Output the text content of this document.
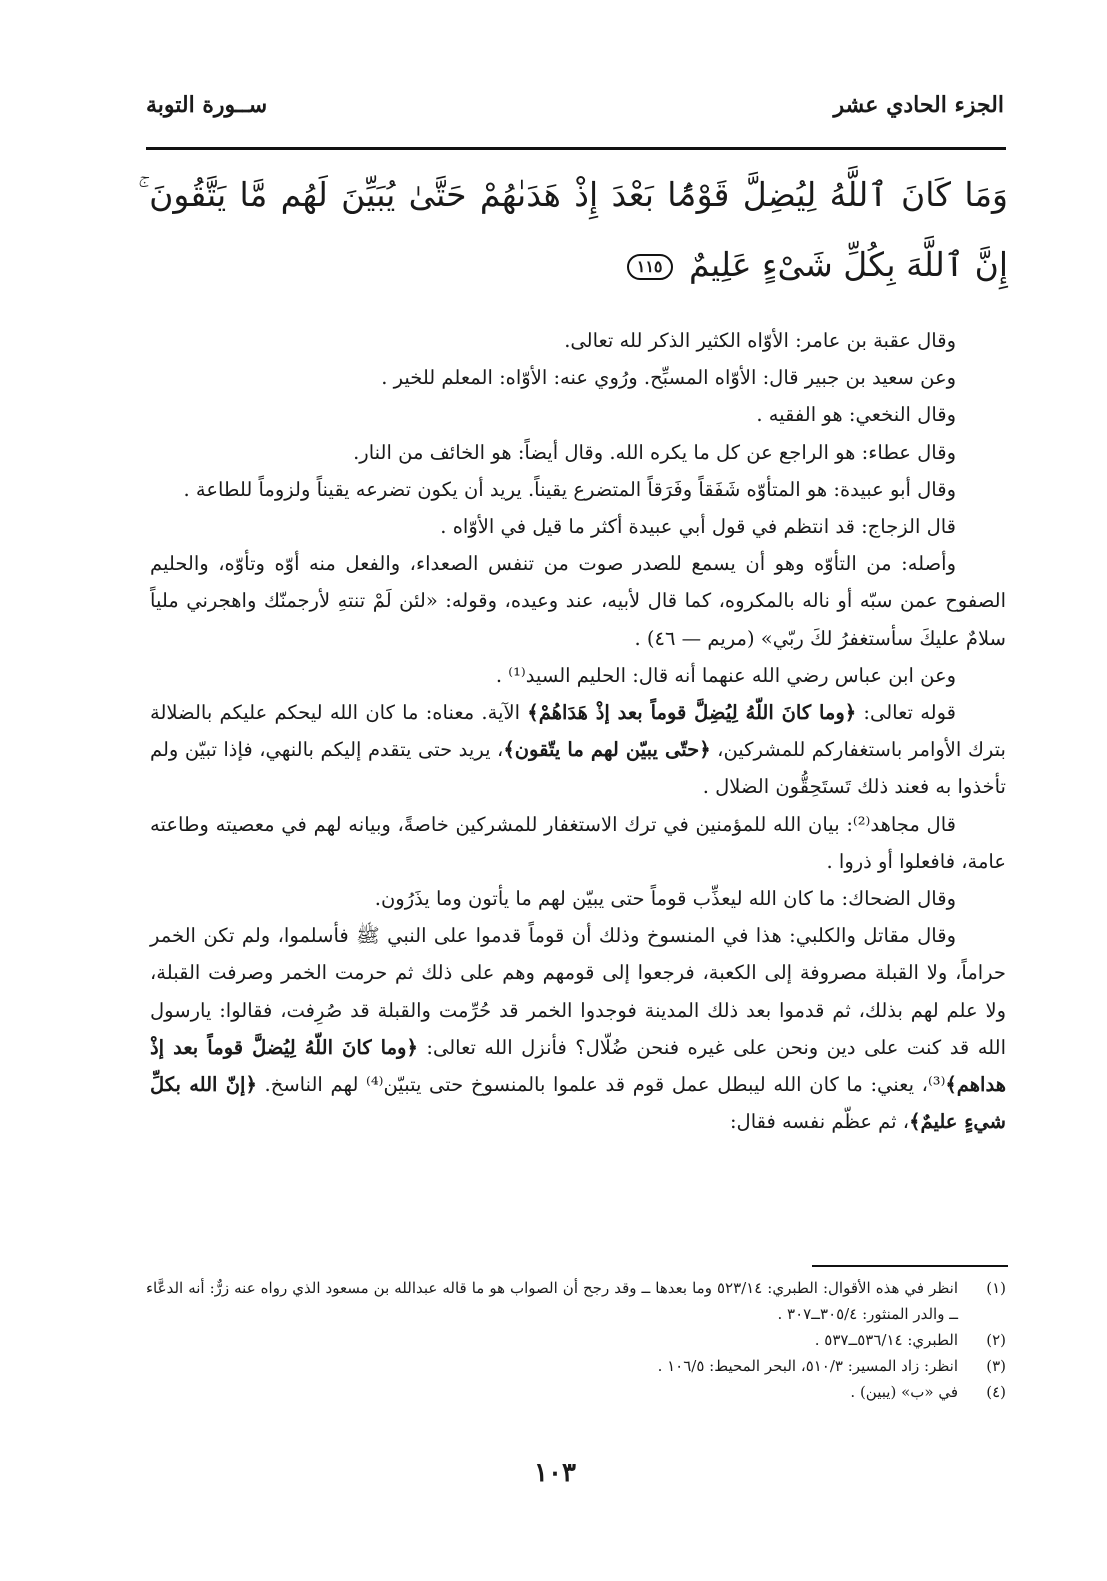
الجزء الحادي عشر
ســورة التوبة
وَمَا كَانَ ٱللَّهُ لِيُضِلَّ قَوْمًۢا بَعْدَ إِذْ هَدَىٰهُمْ حَتَّىٰ يُبَيِّنَ لَهُم مَّا يَتَّقُونَ ۚ إِنَّ ٱللَّهَ بِكُلِّ شَىْءٍ عَلِيمٌ ١١٥

وقال عقبة بن عامر: الأوّاه الكثير الذكر لله تعالى.

وعن سعيد بن جبير قال: الأوّاه المسبِّح. ورُوي عنه: الأوّاه: المعلم للخير .

وقال النخعي: هو الفقيه .

وقال عطاء: هو الراجع عن كل ما يكره الله. وقال أيضاً: هو الخائف من النار.

وقال أبو عبيدة: هو المتأوّه شَفَقاً وفَرَقاً المتضرع يقيناً. يريد أن يكون تضرعه يقيناً ولزوماً للطاعة .

قال الزجاج: قد انتظم في قول أبي عبيدة أكثر ما قيل في الأوّاه .

وأصله: من التأوّه وهو أن يسمع للصدر صوت من تنفس الصعداء، والفعل منه أوّه وتأوّه، والحليم الصفوح عمن سبّه أو ناله بالمكروه، كما قال لأبيه، عند وعيده، وقوله: «لئن لَمْ تنتهِ لأرجمنّك واهجرني ملياً سلامٌ عليكَ سأستغفرُ لكَ ربّي» (مريم — ٤٦) .

وعن ابن عباس رضي الله عنهما أنه قال: الحليم السيد⁽¹⁾ .

قوله تعالى: ﴿وما كانَ اللّهُ لِيُضِلَّ قوماً بعد إذْ هَدَاهُمْ﴾ الآية. معناه: ما كان الله ليحكم عليكم بالضلالة بترك الأوامر باستغفاركم للمشركين، ﴿حتّى يبيّن لهم ما يتّقون﴾، يريد حتى يتقدم إليكم بالنهي، فإذا تبيّن ولم تأخذوا به فعند ذلك تَستَحِقُّون الضلال .

قال مجاهد⁽²⁾: بيان الله للمؤمنين في ترك الاستغفار للمشركين خاصةً، وبيانه لهم في معصيته وطاعته عامة، فافعلوا أو ذروا .

وقال الضحاك: ما كان الله ليعذِّب قوماً حتى يبيّن لهم ما يأتون وما يذَرُون.

وقال مقاتل والكلبي: هذا في المنسوخ وذلك أن قوماً قدموا على النبي ﷺ فأسلموا، ولم تكن الخمر حراماً، ولا القبلة مصروفة إلى الكعبة، فرجعوا إلى قومهم وهم على ذلك ثم حرمت الخمر وصرفت القبلة، ولا علم لهم بذلك، ثم قدموا بعد ذلك المدينة فوجدوا الخمر قد حُرِّمت والقبلة قد صُرِفت، فقالوا: يارسول الله قد كنت على دين ونحن على غيره فنحن ضُلّال؟ فأنزل الله تعالى: ﴿وما كانَ اللّهُ لِيُضلَّ قوماً بعد إذْ هداهم﴾⁽³⁾، يعني: ما كان الله ليبطل عمل قوم قد علموا بالمنسوخ حتى يتبيّن⁽⁴⁾ لهم الناسخ. ﴿إنّ الله بكلِّ شيءٍ عليمٌ﴾، ثم عظّم نفسه فقال:

(١)
انظر في هذه الأقوال: الطبري: ٥٢٣/١٤ وما بعدها ــ وقد رجح أن الصواب هو ما قاله عبدالله بن مسعود الذي رواه عنه زرٌّ: أنه الدعَّاء ــ والدر المنثور: ٣٠٥/٤ــ٣٠٧ .
(٢)
الطبري: ٥٣٦/١٤ــ٥٣٧ .
(٣)
انظر: زاد المسير: ٥١٠/٣، البحر المحيط: ١٠٦/٥ .
(٤)
في «ب» (يبين) .
١٠٣
